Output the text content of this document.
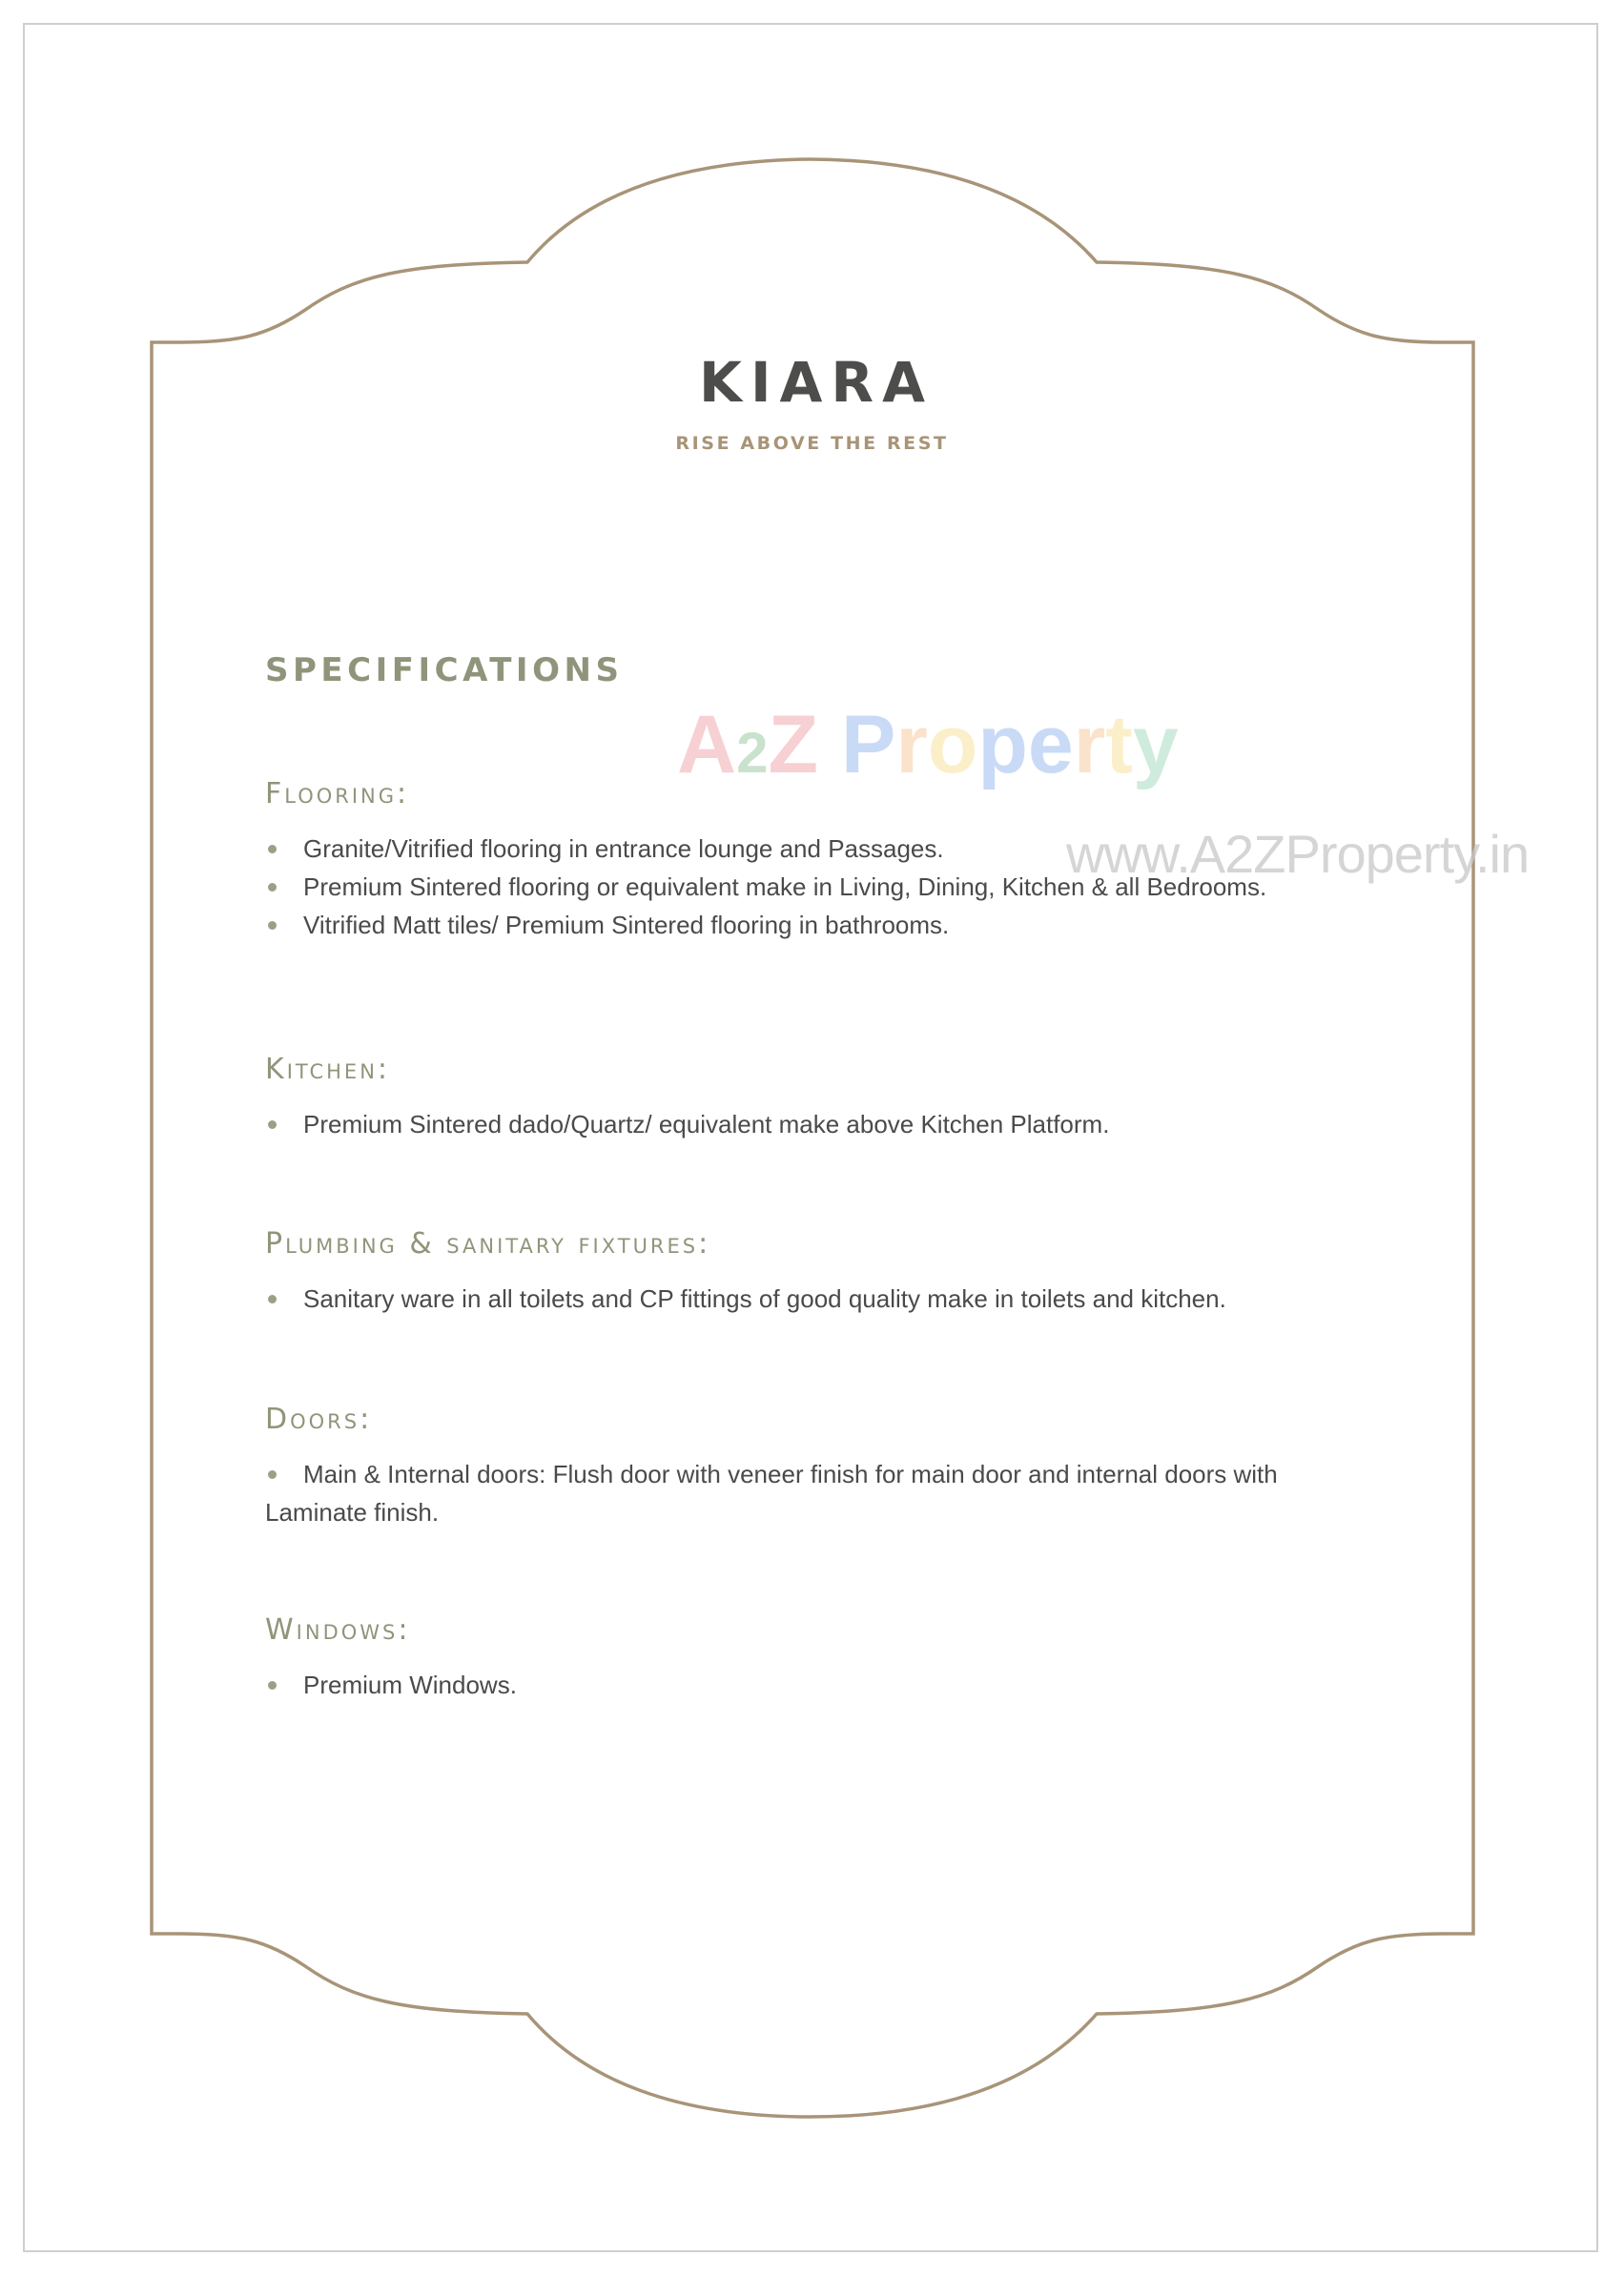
KIARA
RISE ABOVE THE REST
SPECIFICATIONS
Flooring:
Granite/Vitrified flooring in entrance lounge and Passages.
Premium Sintered flooring or equivalent make in Living, Dining, Kitchen & all Bedrooms.
Vitrified Matt tiles/ Premium Sintered flooring in bathrooms.
Kitchen:
Premium Sintered dado/Quartz/ equivalent make above Kitchen Platform.
Plumbing & sanitary fixtures:
Sanitary ware in all toilets and CP fittings of good quality make in toilets and kitchen.
Doors:
Main & Internal doors: Flush door with veneer finish for main door and internal doors with Laminate finish.
Windows:
Premium Windows.
A2Z Property
www.A2ZProperty.in
